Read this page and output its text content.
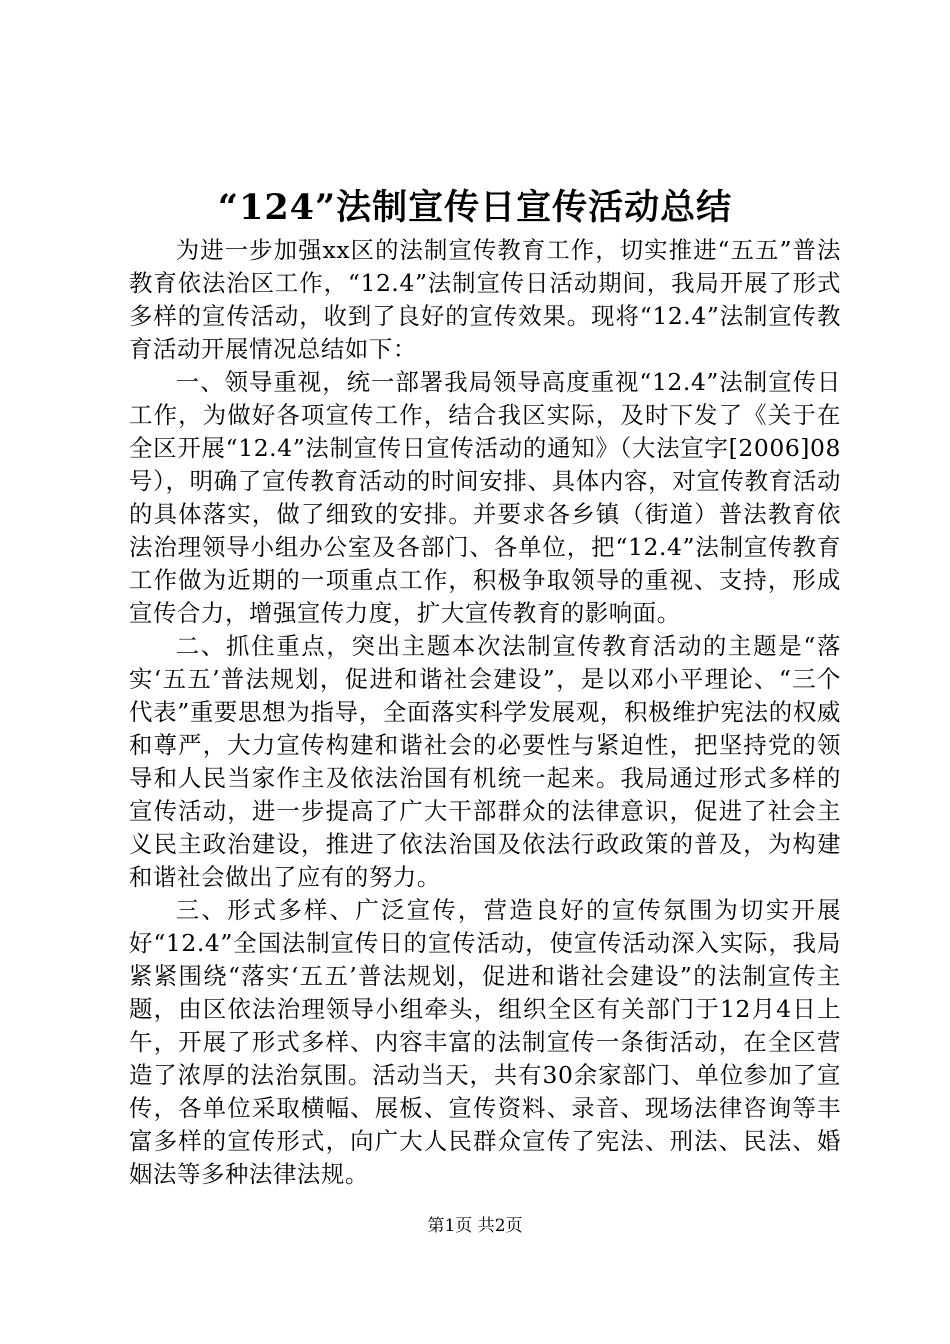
“124”法制宣传日宣传活动总结

为进一步加强xx区的法制宣传教育工作，切实推进“五五”普法教育依法治区工作，“12.4”法制宣传日活动期间，我局开展了形式多样的宣传活动，收到了良好的宣传效果。现将“12.4”法制宣传教育活动开展情况总结如下：

一、领导重视，统一部署我局领导高度重视“12.4”法制宣传日工作，为做好各项宣传工作，结合我区实际，及时下发了《关于在全区开展“12.4”法制宣传日宣传活动的通知》（大法宣字[2006]08号），明确了宣传教育活动的时间安排、具体内容，对宣传教育活动的具体落实，做了细致的安排。并要求各乡镇（街道）普法教育依法治理领导小组办公室及各部门、各单位，把“12.4”法制宣传教育工作做为近期的一项重点工作，积极争取领导的重视、支持，形成宣传合力，增强宣传力度，扩大宣传教育的影响面。

二、抓住重点，突出主题本次法制宣传教育活动的主题是“落实‘五五’普法规划，促进和谐社会建设”，是以邓小平理论、“三个代表”重要思想为指导，全面落实科学发展观，积极维护宪法的权威和尊严，大力宣传构建和谐社会的必要性与紧迫性，把坚持党的领导和人民当家作主及依法治国有机统一起来。我局通过形式多样的宣传活动，进一步提高了广大干部群众的法律意识，促进了社会主义民主政治建设，推进了依法治国及依法行政政策的普及，为构建和谐社会做出了应有的努力。

三、形式多样、广泛宣传，营造良好的宣传氛围为切实开展好“12.4”全国法制宣传日的宣传活动，使宣传活动深入实际，我局紧紧围绕“落实‘五五’普法规划，促进和谐社会建设”的法制宣传主题，由区依法治理领导小组牵头，组织全区有关部门于12月4日上午，开展了形式多样、内容丰富的法制宣传一条街活动，在全区营造了浓厚的法治氛围。活动当天，共有30余家部门、单位参加了宣传，各单位采取横幅、展板、宣传资料、录音、现场法律咨询等丰富多样的宣传形式，向广大人民群众宣传了宪法、刑法、民法、婚姻法等多种法律法规。

第1页 共2页
